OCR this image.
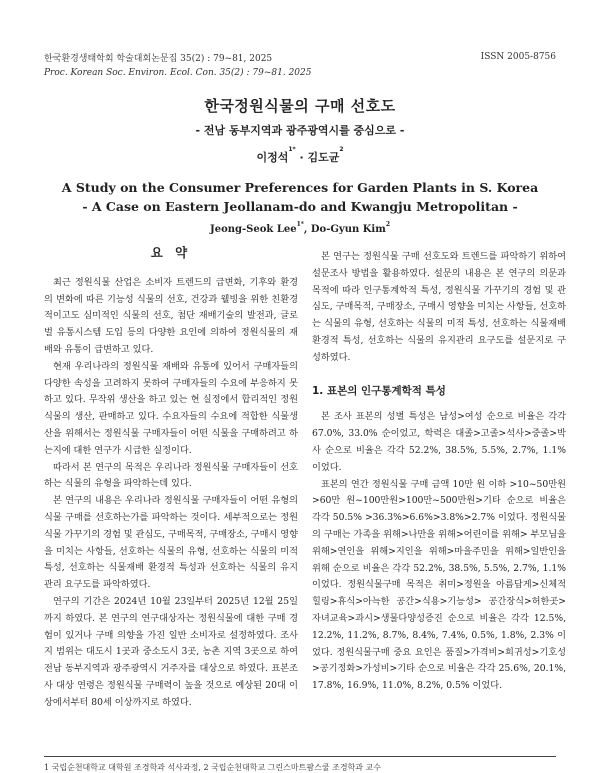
한국환경생태학회 학술대회논문집 35(2) : 79~81, 2025
Proc. Korean Soc. Environ. Ecol. Con. 35(2) : 79~81. 2025
ISSN 2005-8756
한국정원식물의 구매 선호도
- 전남 동부지역과 광주광역시를 중심으로 -
이정석$^{1*}$ · 김도균$^2$
A Study on the Consumer Preferences for Garden Plants in S. Korea
- A Case on Eastern Jeollanam-do and Kwangju Metropolitan -
Jeong-Seok Lee$^{1*}$, Do-Gyun Kim$^2$
요 약

최근 정원식물 산업은 소비자 트렌드의 급변화, 기후와 환경의 변화에 따른 기능성 식물의 선호, 건강과 웰빙을 위한 친환경적이고도 심미적인 식물의 선호, 첨단 재배기술의 발전과, 글로벌 유통시스템 도입 등의 다양한 요인에 의하여 정원식물의 재배와 유통이 급변하고 있다.

현재 우리나라의 정원식물 재배와 유통에 있어서 구매자들의 다양한 속성을 고려하지 못하여 구매자들의 수요에 부응하지 못하고 있다. 무작위 생산을 하고 있는 현 실정에서 합리적인 정원식물의 생산, 판매하고 있다. 수요자들의 수요에 적합한 식물생산을 위해서는 정원식물 구매자들이 어떤 식물을 구매하려고 하는지에 대한 연구가 시급한 실정이다.

따라서 본 연구의 목적은 우리나라 정원식물 구매자들이 선호하는 식물의 유형을 파악하는데 있다.

본 연구의 내용은 우리나라 정원식물 구매자들이 어떤 유형의 식물 구매를 선호하는가를 파악하는 것이다. 세부적으로는 정원식물 가꾸기의 경험 및 관심도, 구매목적, 구매장소, 구매시 영향을 미치는 사항들, 선호하는 식물의 유형, 선호하는 식물의 미적 특성, 선호하는 식물재배 환경적 특성과 선호하는 식물의 유지관리 요구도를 파악하였다.

연구의 기간은 2024년 10월 23일부터 2025년 12월 25일까지 하였다. 본 연구의 연구대상자는 정원식물에 대한 구매 경험이 있거나 구매 의향을 가진 일반 소비자로 설정하였다. 조사지 범위는 대도시 1곳과 중소도시 3곳, 농촌 지역 3곳으로 하여 전남 동부지역과 광주광역시 거주자를 대상으로 하였다. 표본조사 대상 연령은 정원식물 구매력이 높을 것으로 예상된 20대 이상에서부터 80세 이상까지로 하였다.

본 연구는 정원식물 구매 선호도와 트렌드를 파악하기 위하여 설문조사 방법을 활용하였다. 설문의 내용은 본 연구의 의문과 목적에 따라 인구통계학적 특성, 정원식물 가꾸기의 경험 및 관심도, 구매목적, 구매장소, 구매시 영향을 미치는 사항들, 선호하는 식물의 유형, 선호하는 식물의 미적 특성, 선호하는 식물재배 환경적 특성, 선호하는 식물의 유지관리 요구도를 설문지로 구성하였다.

1. 표본의 인구통계학적 특성

본 조사 표본의 성별 특성은 남성>여성 순으로 비율은 각각 67.0%, 33.0% 순이었고, 학력은 대졸>고졸>석사>중졸>박사 순으로 비율은 각각 52.2%, 38.5%, 5.5%, 2.7%, 1.1% 이었다.

표본의 연간 정원식물 구매 금액 10만 원 이하 >10~50만원 >60만 원~100만원>100만~500만원>기타 순으로 비율은 각각 50.5% >36.3%>6.6%>3.8%>2.7% 이었다. 정원식물의 구매는 가족을 위해>나만을 위해>어린이를 위해> 부모님을 위해>연인을 위해>지인을 위해>마을주민을 위해>일반인을 위해 순으로 비율은 각각 52.2%, 38.5%, 5.5%, 2.7%, 1.1% 이었다. 정원식물구매 목적은 취미>정원을 아름답게>신체적 힐링>휴식>아늑한 공간>식용>기능성> 공간장식>허한곳>자녀교육>과시>생물다양성증진 순으로 비율은 각각 12.5%, 12.2%, 11.2%, 8.7%, 8.4%, 7.4%, 0.5%, 1.8%, 2.3% 이었다. 정원식물구매 중요 요인은 품질>가격비>희귀성>기호성>공기정화>가성비>기타 순으로 비율은 각각 25.6%, 20.1%, 17.8%, 16.9%, 11.0%, 8.2%, 0.5% 이었다.

1 국립순천대학교 대학원 조경학과 석사과정, 2 국립순천대학교 그린스마트팜스쿨 조경학과 교수
